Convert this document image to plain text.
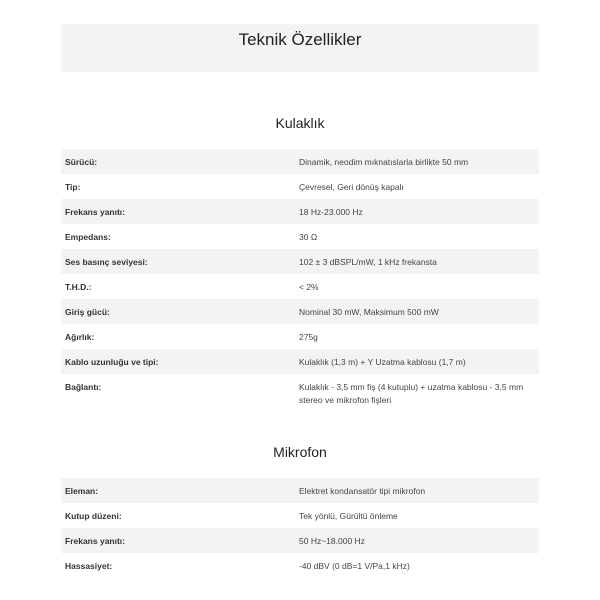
Teknik Özellikler
Kulaklık
Sürücü:	Dinamik, neodim mıknatıslarla birlikte 50 mm
Tip:	Çevresel, Geri dönüş kapalı
Frekans yanıtı:	18 Hz-23.000 Hz
Empedans:	30 Ω
Ses basınç seviyesi:	102 ± 3 dBSPL/mW, 1 kHz frekansta
T.H.D.:	< 2%
Giriş gücü:	Nominal 30 mW, Maksimum 500 mW
Ağırlık:	275g
Kablo uzunluğu ve tipi:	Kulaklık (1,3 m) + Y Uzatma kablosu (1,7 m)
Bağlantı:	Kulaklık - 3,5 mm fiş (4 kutuplu) + uzatma kablosu - 3,5 mm stereo ve mikrofon fişleri
Mikrofon
Eleman:	Elektret kondansatör tipi mikrofon
Kutup düzeni:	Tek yönlü, Gürültü önleme
Frekans yanıtı:	50 Hz~18.000 Hz
Hassasiyet:	-40 dBV (0 dB=1 V/Pa,1 kHz)
